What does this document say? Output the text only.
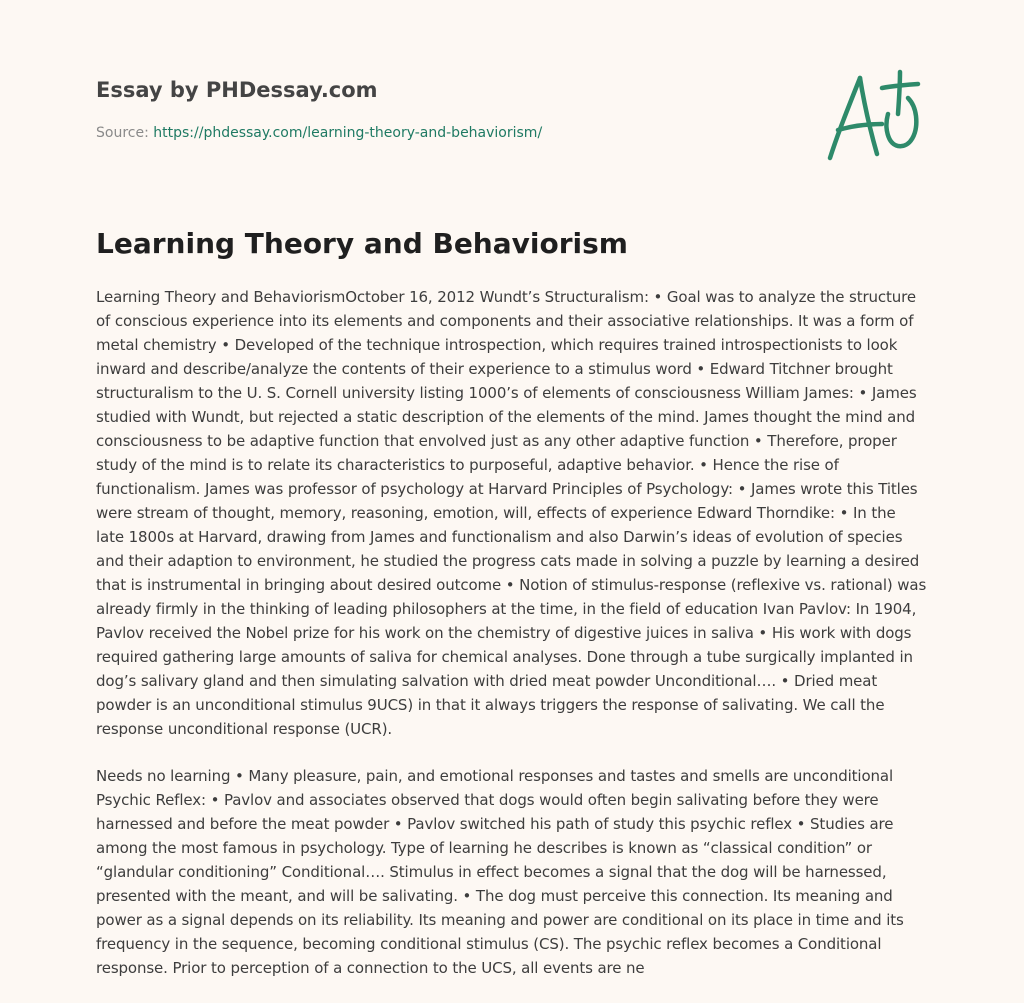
Essay by PHDessay.com
Source: https://phdessay.com/learning-theory-and-behaviorism/
Learning Theory and Behaviorism

Learning Theory and BehaviorismOctober 16, 2012 Wundt’s Structuralism: • Goal was to analyze the structure of conscious experience into its elements and components and their associative relationships. It was a form of metal chemistry • Developed of the technique introspection, which requires trained introspectionists to look inward and describe/analyze the contents of their experience to a stimulus word • Edward Titchner brought structuralism to the U. S. Cornell university listing 1000’s of elements of consciousness William James: • James studied with Wundt, but rejected a static description of the elements of the mind. James thought the mind and consciousness to be adaptive function that envolved just as any other adaptive function • Therefore, proper study of the mind is to relate its characteristics to purposeful, adaptive behavior. • Hence the rise of functionalism. James was professor of psychology at Harvard Principles of Psychology: • James wrote this Titles were stream of thought, memory, reasoning, emotion, will, effects of experience Edward Thorndike: • In the late 1800s at Harvard, drawing from James and functionalism and also Darwin’s ideas of evolution of species and their adaption to environment, he studied the progress cats made in solving a puzzle by learning a desired that is instrumental in bringing about desired outcome • Notion of stimulus-response (reflexive vs. rational) was already firmly in the thinking of leading philosophers at the time, in the field of education Ivan Pavlov: In 1904, Pavlov received the Nobel prize for his work on the chemistry of digestive juices in saliva • His work with dogs required gathering large amounts of saliva for chemical analyses. Done through a tube surgically implanted in dog’s salivary gland and then simulating salvation with dried meat powder Unconditional…. • Dried meat powder is an unconditional stimulus 9UCS) in that it always triggers the response of salivating. We call the response unconditional response (UCR).

Needs no learning • Many pleasure, pain, and emotional responses and tastes and smells are unconditional Psychic Reflex: • Pavlov and associates observed that dogs would often begin salivating before they were harnessed and before the meat powder • Pavlov switched his path of study this psychic reflex • Studies are among the most famous in psychology. Type of learning he describes is known as “classical condition” or “glandular conditioning” Conditional…. Stimulus in effect becomes a signal that the dog will be harnessed, presented with the meant, and will be salivating. • The dog must perceive this connection. Its meaning and power as a signal depends on its reliability. Its meaning and power are conditional on its place in time and its frequency in the sequence, becoming conditional stimulus (CS). The psychic reflex becomes a Conditional response. Prior to perception of a connection to the UCS, all events are ne
